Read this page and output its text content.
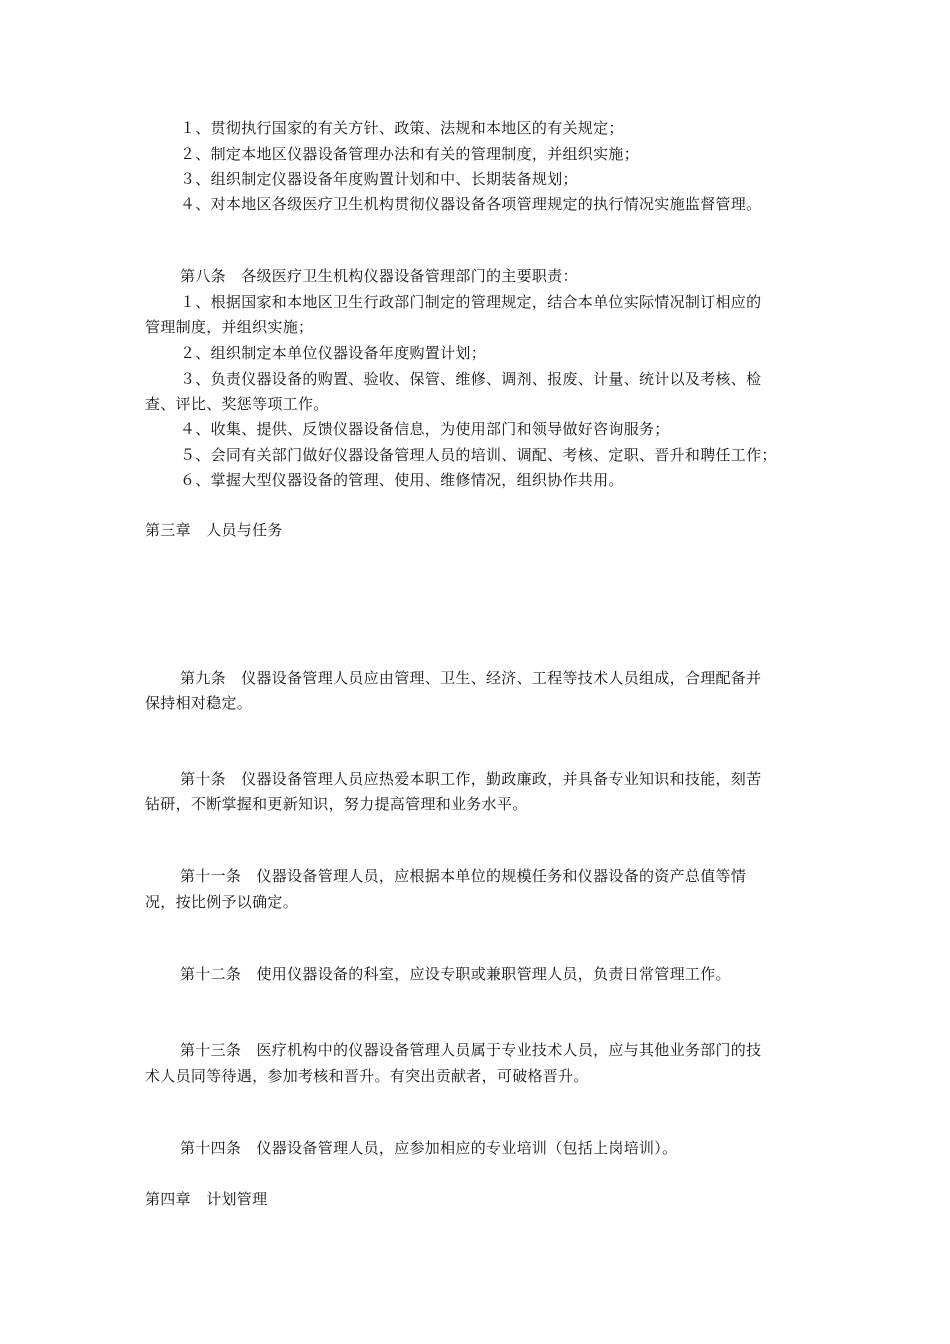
１、贯彻执行国家的有关方针、政策、法规和本地区的有关规定；
２、制定本地区仪器设备管理办法和有关的管理制度，并组织实施；
３、组织制定仪器设备年度购置计划和中、长期装备规划；
４、对本地区各级医疗卫生机构贯彻仪器设备各项管理规定的执行情况实施监督管理。
第八条　各级医疗卫生机构仪器设备管理部门的主要职责：
１、根据国家和本地区卫生行政部门制定的管理规定，结合本单位实际情况制订相应的
管理制度，并组织实施；
２、组织制定本单位仪器设备年度购置计划；
３、负责仪器设备的购置、验收、保管、维修、调剂、报废、计量、统计以及考核、检
查、评比、奖惩等项工作。
４、收集、提供、反馈仪器设备信息，为使用部门和领导做好咨询服务；
５、会同有关部门做好仪器设备管理人员的培训、调配、考核、定职、晋升和聘任工作；
６、掌握大型仪器设备的管理、使用、维修情况，组织协作共用。
第三章　人员与任务
第九条　仪器设备管理人员应由管理、卫生、经济、工程等技术人员组成，合理配备并
保持相对稳定。
第十条　仪器设备管理人员应热爱本职工作，勤政廉政，并具备专业知识和技能，刻苦
钻研，不断掌握和更新知识，努力提高管理和业务水平。
第十一条　仪器设备管理人员，应根据本单位的规模任务和仪器设备的资产总值等情
况，按比例予以确定。
第十二条　使用仪器设备的科室，应设专职或兼职管理人员，负责日常管理工作。
第十三条　医疗机构中的仪器设备管理人员属于专业技术人员，应与其他业务部门的技
术人员同等待遇，参加考核和晋升。有突出贡献者，可破格晋升。
第十四条　仪器设备管理人员，应参加相应的专业培训（包括上岗培训）。
第四章　计划管理
